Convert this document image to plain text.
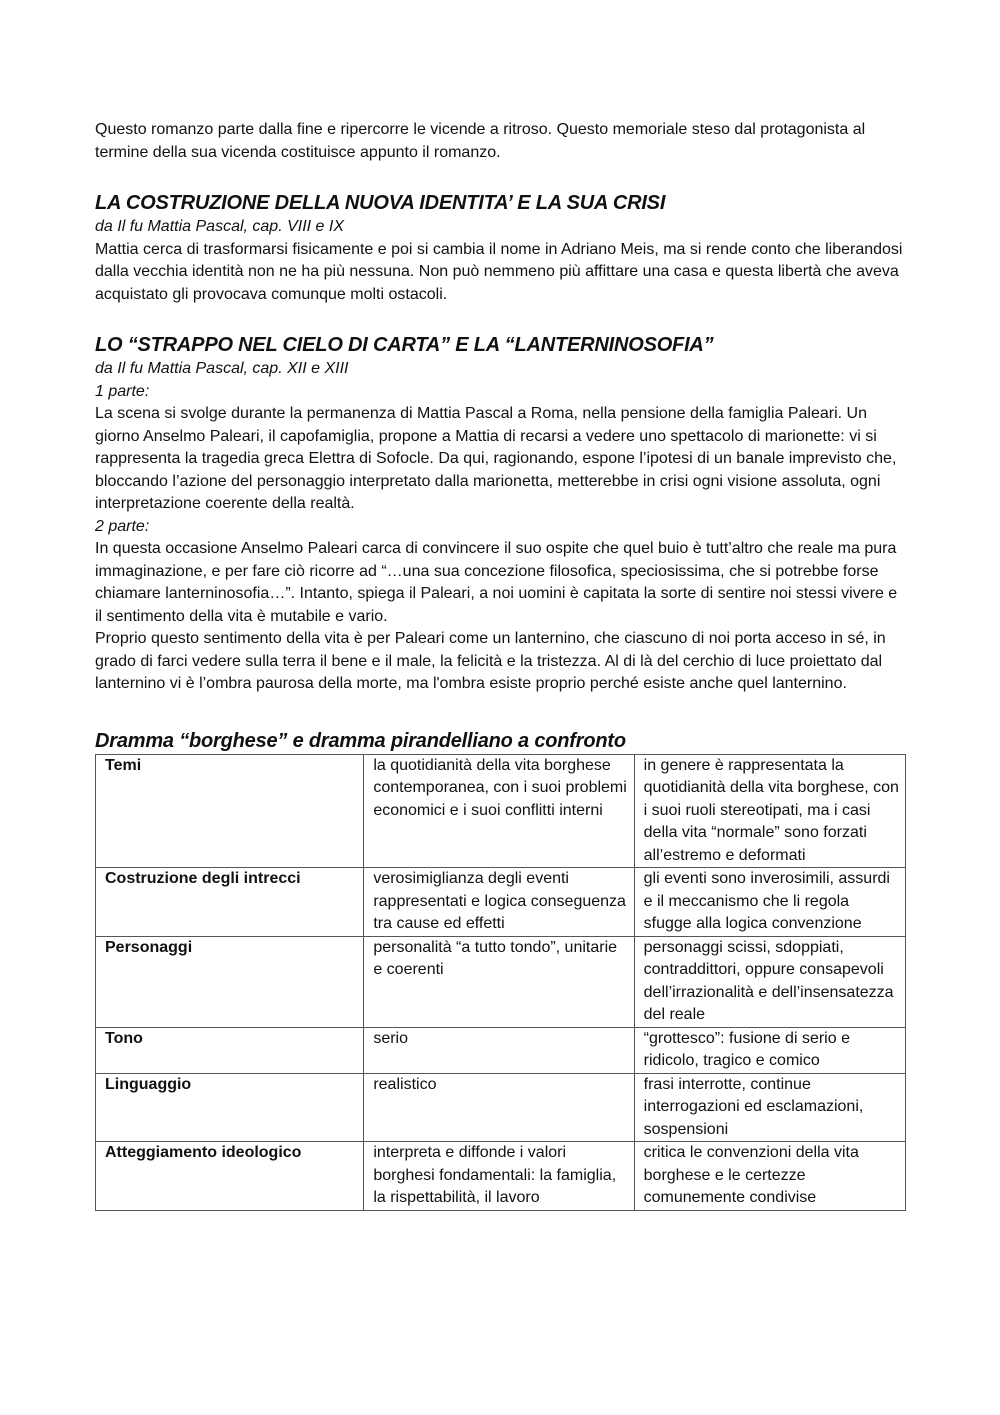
Questo romanzo parte dalla fine e ripercorre le vicende a ritroso. Questo memoriale steso dal protagonista al termine della sua vicenda costituisce appunto il romanzo.

LA COSTRUZIONE DELLA NUOVA IDENTITA’ E LA SUA CRISI

da Il fu Mattia Pascal, cap. VIII e IX

Mattia cerca di trasformarsi fisicamente e poi si cambia il nome in Adriano Meis, ma si rende conto che liberandosi dalla vecchia identità non ne ha più nessuna. Non può nemmeno più affittare una casa e questa libertà che aveva acquistato gli provocava comunque molti ostacoli.

LO “STRAPPO NEL CIELO DI CARTA” E LA “LANTERNINOSOFIA”

da Il fu Mattia Pascal, cap. XII e XIII

1 parte:

La scena si svolge durante la permanenza di Mattia Pascal a Roma, nella pensione della famiglia Paleari. Un giorno Anselmo Paleari, il capofamiglia, propone a Mattia di recarsi a vedere uno spettacolo di marionette: vi si rappresenta la tragedia greca Elettra di Sofocle. Da qui, ragionando, espone l’ipotesi di un banale imprevisto che, bloccando l’azione del personaggio interpretato dalla marionetta, metterebbe in crisi ogni visione assoluta, ogni interpretazione coerente della realtà.

2 parte:

In questa occasione Anselmo Paleari carca di convincere il suo ospite che quel buio è tutt’altro che reale ma pura immaginazione, e per fare ciò ricorre ad “…una sua concezione filosofica, speciosissima, che si potrebbe forse chiamare lanterninosofia…”. Intanto, spiega il Paleari, a noi uomini è capitata la sorte di sentire noi stessi vivere e il sentimento della vita è mutabile e vario.

Proprio questo sentimento della vita è per Paleari come un lanternino, che ciascuno di noi porta acceso in sé, in grado di farci vedere sulla terra il bene e il male, la felicità e la tristezza. Al di là del cerchio di luce proiettato dal lanternino vi è l’ombra paurosa della morte, ma l'ombra esiste proprio perché esiste anche quel lanternino.

Dramma “borghese” e dramma pirandelliano a confronto
Temi	la quotidianità della vita borghese contemporanea, con i suoi problemi economici e i suoi conflitti interni	in genere è rappresentata la quotidianità della vita borghese, con i suoi ruoli stereotipati, ma i casi della vita “normale” sono forzati all’estremo e deformati
Costruzione degli intrecci	verosimiglianza degli eventi rappresentati e logica conseguenza tra cause ed effetti	gli eventi sono inverosimili, assurdi e il meccanismo che li regola sfugge alla logica convenzione
Personaggi	personalità “a tutto tondo”, unitarie e coerenti	personaggi scissi, sdoppiati, contraddittori, oppure consapevoli dell’irrazionalità e dell’insensatezza del reale
Tono	serio	“grottesco”: fusione di serio e ridicolo, tragico e comico
Linguaggio	realistico	frasi interrotte, continue interrogazioni ed esclamazioni, sospensioni
Atteggiamento ideologico	interpreta e diffonde i valori borghesi fondamentali: la famiglia, la rispettabilità, il lavoro	critica le convenzioni della vita borghese e le certezze comunemente condivise
